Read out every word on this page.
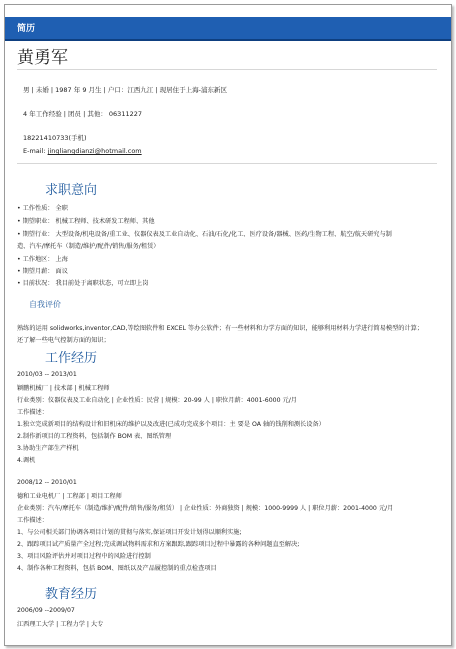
简历
黄勇军
男 | 未婚 | 1987 年 9 月生 | 户口：江西九江 | 现居住于上海-浦东新区
4 年工作经验 | 团员 | 其他： 06311227
18221410733(手机)
E-mail: jingliangdianzi@hotmail.com
求职意向
• 工作性质： 全职
• 期望职业： 机械工程师、技术研发工程师、其他
• 期望行业： 大型设备/机电设备/重工业、仪器仪表及工业自动化、石油/石化/化工、医疗设备/器械、医药/生物工程、航空/航天研究与制
造、汽车/摩托车（制造/维护/配件/销售/服务/租赁）
• 工作地区： 上海
• 期望月薪： 面议
• 目前状况： 我目前处于离职状态，可立即上岗
自我评价
熟练的运用 solidworks,inventor,CAD,等绘图软件和 EXCEL 等办公软件；有一些材料和力学方面的知识，能够利用材料力学进行简易模型的计算；
还了解一些电气控制方面的知识；
工作经历
2010/03 -- 2013/01
颖鹏机械厂 | 技术部 | 机械工程师
行业类别：仪器仪表及工业自动化 | 企业性质：民营 | 规模：20-99 人 | 职位月薪：4001-6000 元/月
工作描述：
1.独立完成新项目的结构设计和旧机床的维护以及改进(已成功完成多个项目：主 要是 OA 轴的钱削和测长设备）
2.制作新项目的工程资料，包括制作 BOM 表、图纸管理
3.协助生产部生产样机
4.调机
2008/12 -- 2010/01
德和工业电机厂 | 工程部 | 项目工程师
企业类别：汽车/摩托车（制造/维护/配件/销售/服务/租赁） | 企业性质：外商独资 | 规模：1000-9999 人 | 职位月薪：2001-4000 元/月
工作描述：
1、与公司相关部门协调各项目计划的贯彻与落实,保证项目开发计划得以顺利实施;
2、跟踪项目试产质量产全过程;完成调试物料需求和方案跟踪,跟踪项目过程中暴露的各种问题直至解决;
3、项目风险评估并对项目过程中的风险进行控制
4、制作各种工程资料，包括 BOM、图纸以及产品履控制的重点检查项目
教育经历
2006/09 --2009/07
江西理工大学 | 工程力学 | 大专
